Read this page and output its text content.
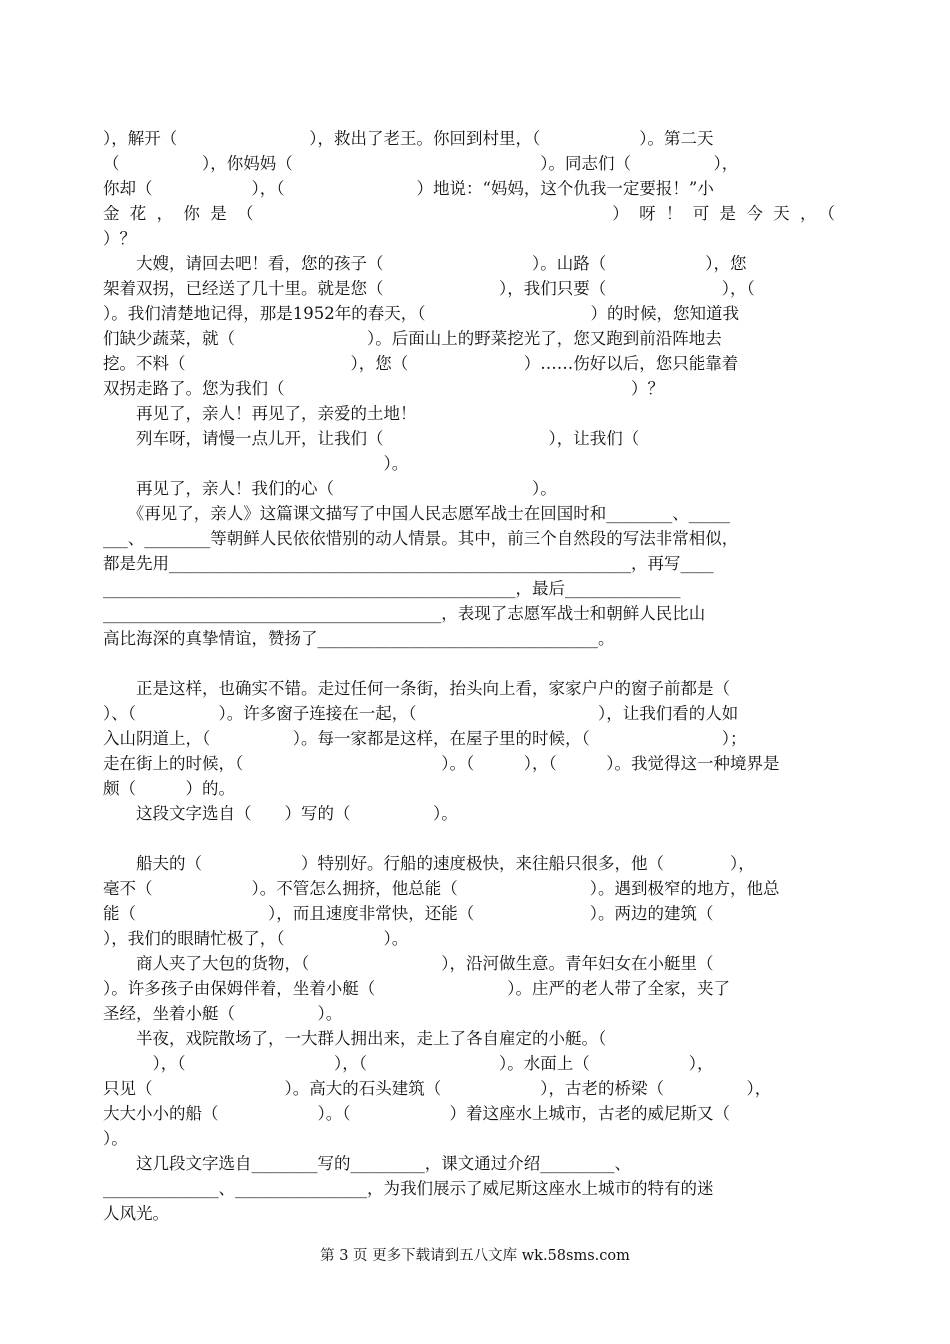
），解开（　　　　　　　　），救出了老王。你回到村里，（　　　　　　）。第二天
（　　　　　），你妈妈（　　　　　　　　　　　　　　　）。同志们（　　　　　），
你却（　　　　　　），（　　　　　　　　）地说：“妈妈，这个仇我一定要报！”小
金花，你是（　　　　　　　　　　　　　）呀！可是今天，（
）？
　　大嫂，请回去吧！看，您的孩子（　　　　　　　　　）。山路（　　　　　　），您
架着双拐，已经送了几十里。就是您（　　　　　　　），我们只要（　　　　　　　），（
）。我们清楚地记得，那是1952年的春天，（　　　　　　　　　　）的时候，您知道我
们缺少蔬菜，就（　　　　　　　　）。后面山上的野菜挖光了，您又跑到前沿阵地去
挖。不料（　　　　　　　　　　），您（　　　　　　　）……伤好以后，您只能靠着
双拐走路了。您为我们（　　　　　　　　　　　　　　　　　　　　　）？
　　再见了，亲人！再见了，亲爱的土地！
　　列车呀，请慢一点儿开，让我们（　　　　　　　　　　），让我们（
　　　　　　　　　　　　　　　　　）。
　　再见了，亲人！我们的心（　　　　　　　　　　　　）。
　　《再见了，亲人》这篇课文描写了中国人民志愿军战士在回国时和________、_____
___、________等朝鲜人民依依惜别的动人情景。其中，前三个自然段的写法非常相似，
都是先用________________________________________________________，再写____
__________________________________________________，最后______________
_________________________________________，表现了志愿军战士和朝鲜人民比山
高比海深的真挚情谊，赞扬了__________________________________。
　　正是这样，也确实不错。走过任何一条街，抬头向上看，家家户户的窗子前都是（
）、（　　　　　）。许多窗子连接在一起，（　　　　　　　　　　　），让我们看的人如
入山阴道上，（　　　　　）。每一家都是这样，在屋子里的时候，（　　　　　　　　）；
走在街上的时候，（　　　　　　　　　　　　）。（　　　），（　　　）。我觉得这一种境界是
颇（　　　）的。
　　这段文字选自（　　）写的（　　　　　）。
　　船夫的（　　　　　　）特别好。行船的速度极快，来往船只很多，他（　　　　），
毫不（　　　　　　）。不管怎么拥挤，他总能（　　　　　　　　）。遇到极窄的地方，他总
能（　　　　　　　　），而且速度非常快，还能（　　　　　　　）。两边的建筑（
），我们的眼睛忙极了，（　　　　　　）。
　　商人夹了大包的货物，（　　　　　　　　），沿河做生意。青年妇女在小艇里（
）。许多孩子由保姆伴着，坐着小艇（　　　　　　　　）。庄严的老人带了全家，夹了
圣经，坐着小艇（　　　　　）。
　　半夜，戏院散场了，一大群人拥出来，走上了各自雇定的小艇。（
　　　），（　　　　　　　　　），（　　　　　　　　）。水面上（　　　　　　），
只见（　　　　　　　　）。高大的石头建筑（　　　　　　），古老的桥梁（　　　　　），
大大小小的船（　　　　　　）。（　　　　　　）着这座水上城市，古老的威尼斯又（
）。
　　这几段文字选自________写的_________，课文通过介绍_________、
______________、________________，为我们展示了威尼斯这座水上城市的特有的迷
人风光。
第 3 页 更多下载请到五八文库 wk.58sms.com
